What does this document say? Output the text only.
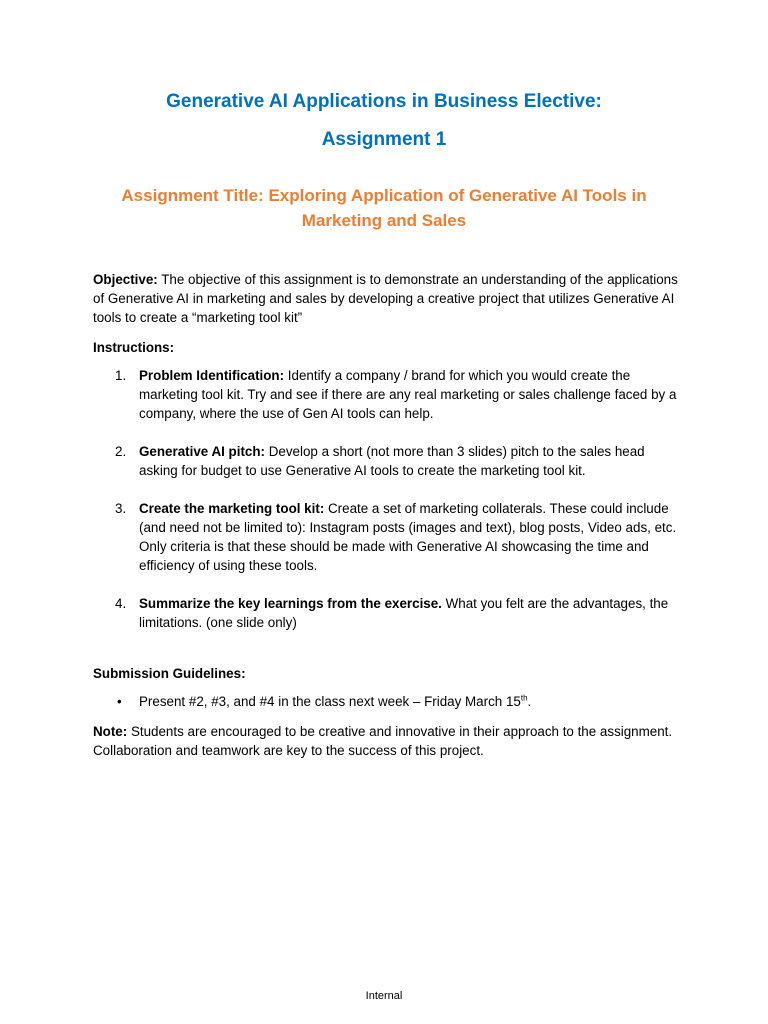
Generative AI Applications in Business Elective:
Assignment 1
Assignment Title: Exploring Application of Generative AI Tools in Marketing and Sales
Objective: The objective of this assignment is to demonstrate an understanding of the applications of Generative AI in marketing and sales by developing a creative project that utilizes Generative AI tools to create a “marketing tool kit”
Instructions:
1. Problem Identification: Identify a company / brand for which you would create the marketing tool kit. Try and see if there are any real marketing or sales challenge faced by a company, where the use of Gen AI tools can help.
2. Generative AI pitch: Develop a short (not more than 3 slides) pitch to the sales head asking for budget to use Generative AI tools to create the marketing tool kit.
3. Create the marketing tool kit: Create a set of marketing collaterals. These could include (and need not be limited to): Instagram posts (images and text), blog posts, Video ads, etc. Only criteria is that these should be made with Generative AI showcasing the time and efficiency of using these tools.
4. Summarize the key learnings from the exercise. What you felt are the advantages, the limitations. (one slide only)
Submission Guidelines:
• Present #2, #3, and #4 in the class next week – Friday March 15th.
Note: Students are encouraged to be creative and innovative in their approach to the assignment. Collaboration and teamwork are key to the success of this project.
Internal
